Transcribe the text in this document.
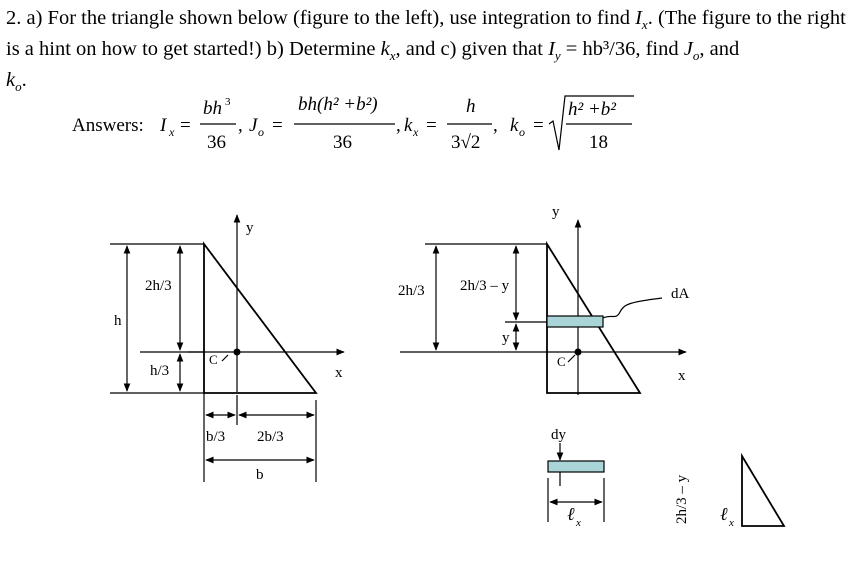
2. a) For the triangle shown below (figure to the left), use integration to find $I_x$. (The figure to the right is a hint on how to get started!) b) Determine $k_x$, and c) given that $I_y = hb^3/36$, find $J_o$, and
$k_o$.
Answers: I x =
bh 3
36
, J o =
bh(h² +b²)
36
, k x =
h
3√2
, k o =
h² +b²
18
h
2h/3
h/3
y
x
C
b/3 2b/3
b
2h/3 2h/3 – y
y
y
x
C
dA
dy
ℓ x	2h/3 – y ℓ x
